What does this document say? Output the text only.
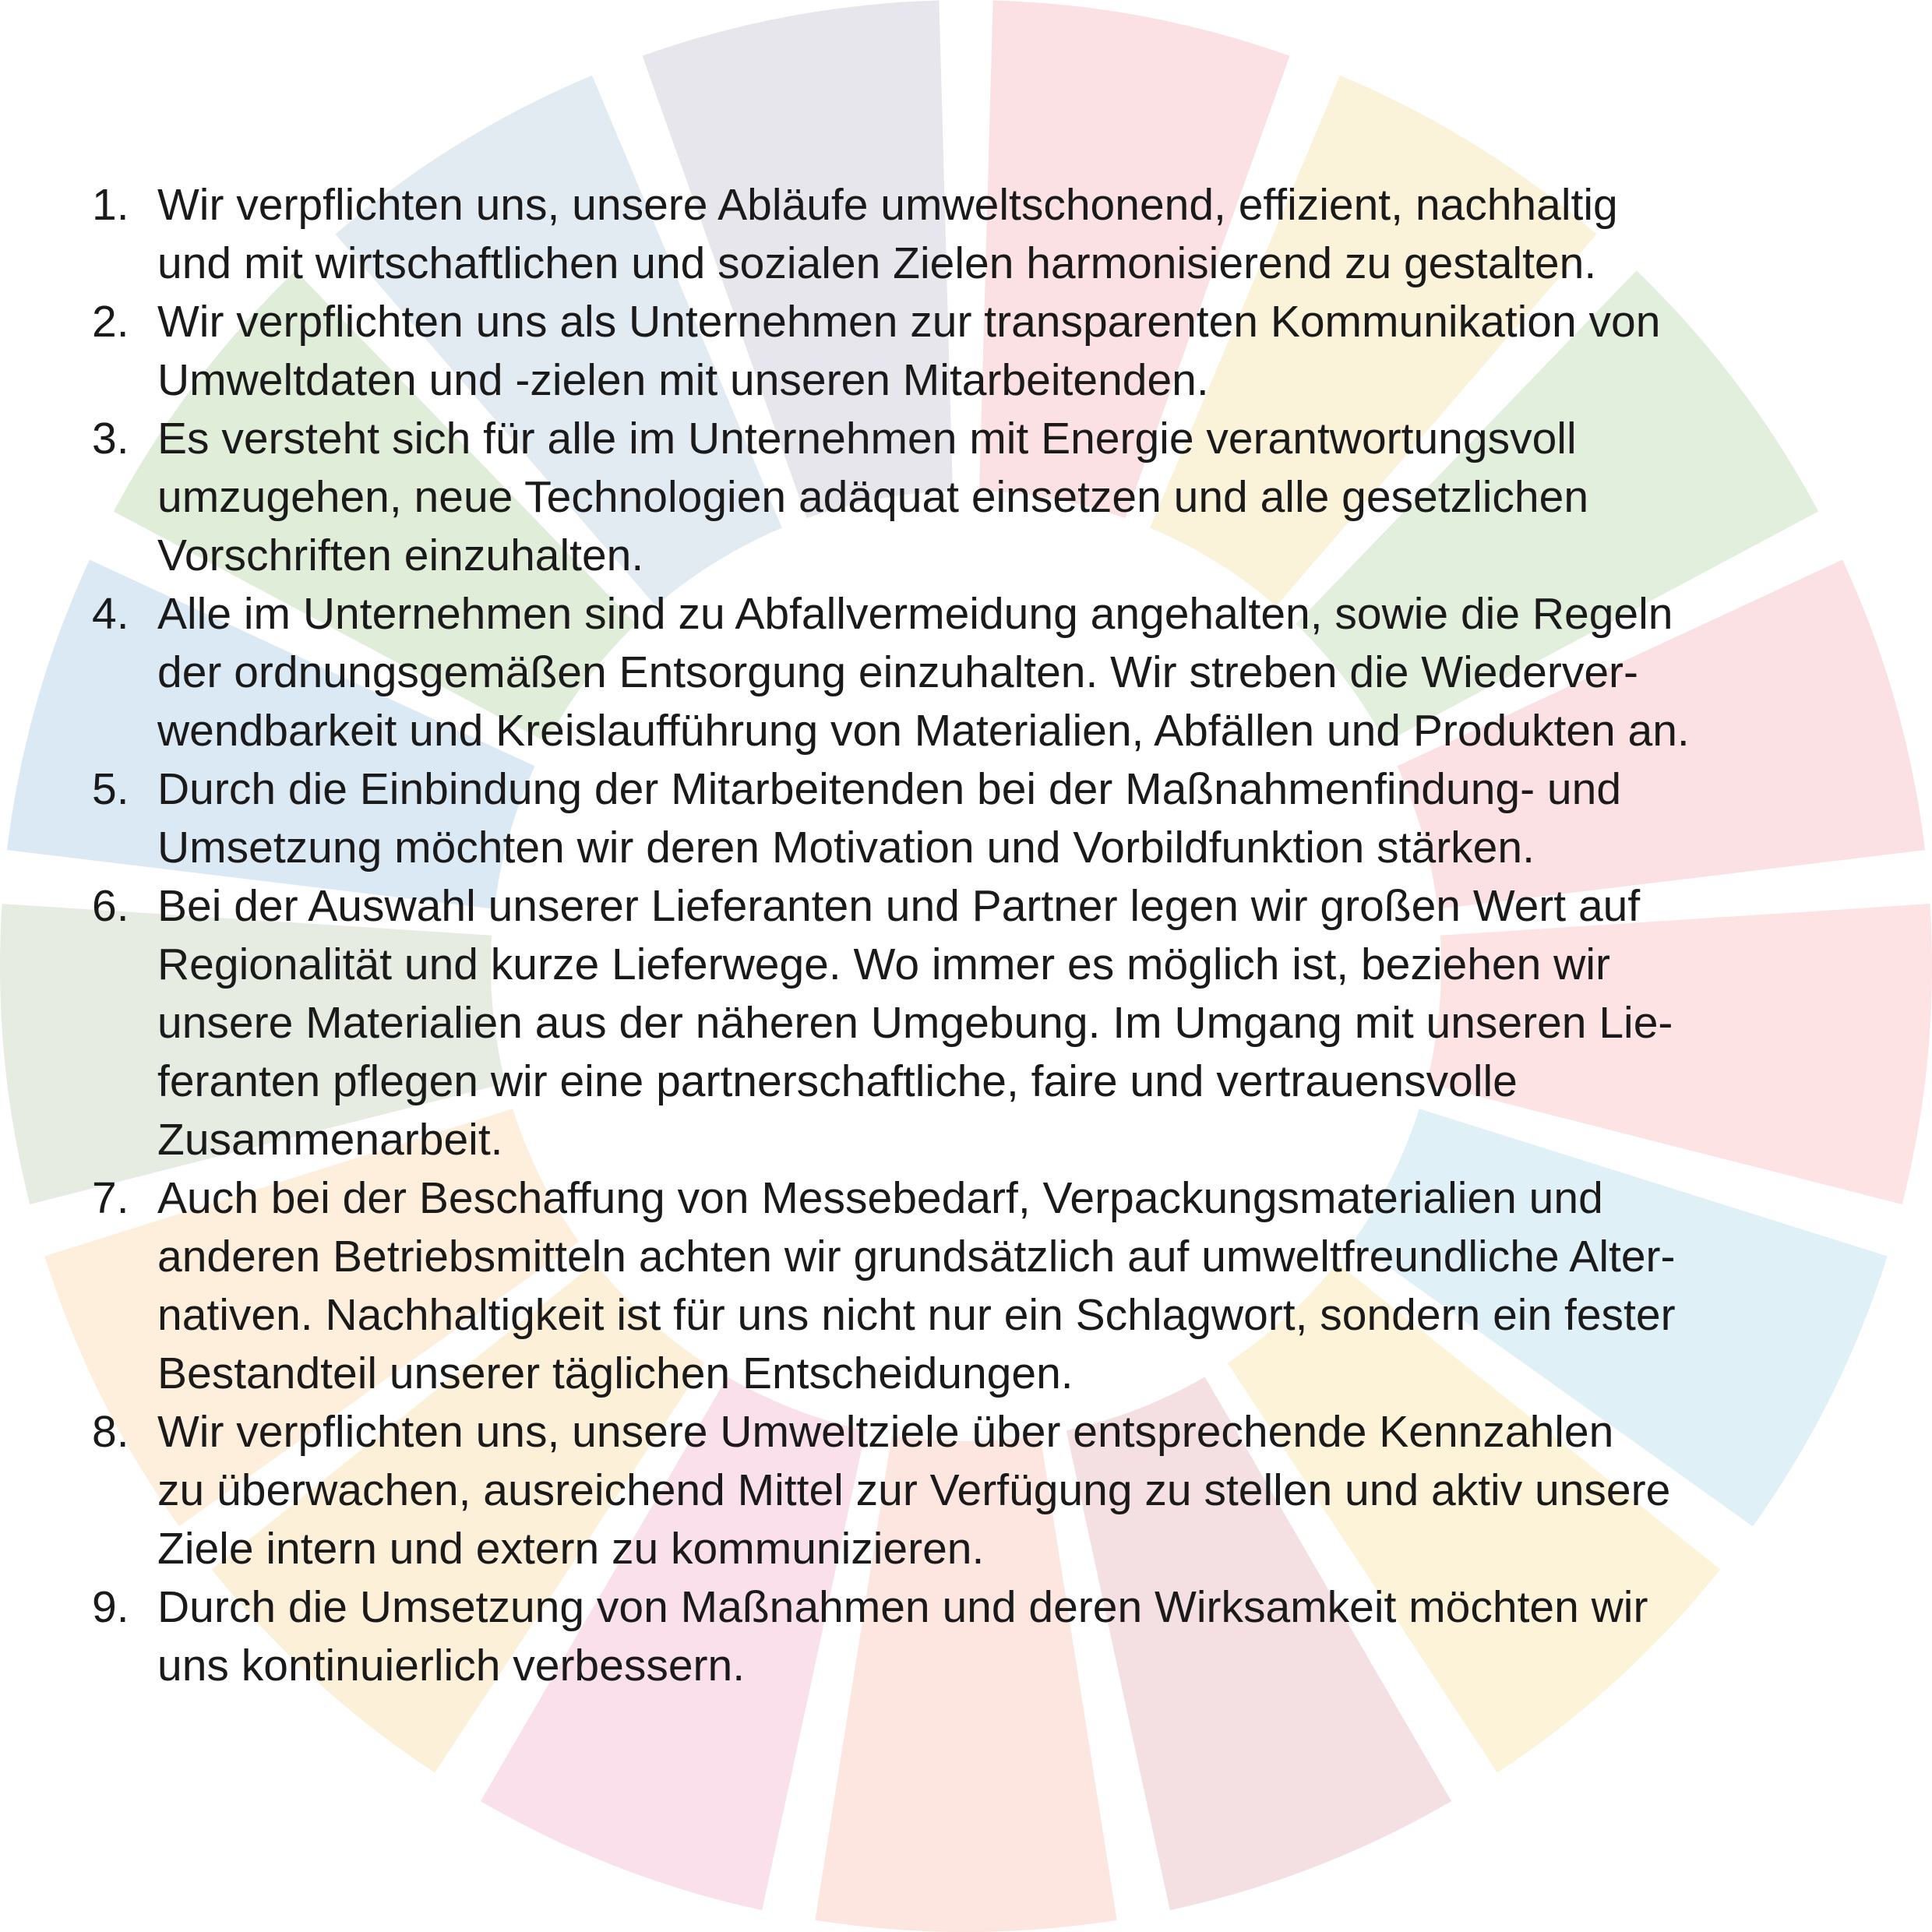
1. Wir verpflichten uns, unsere Abläufe umweltschonend, effizient, nachhaltig
und mit wirtschaftlichen und sozialen Zielen harmonisierend zu gestalten.
2. Wir verpflichten uns als Unternehmen zur transparenten Kommunikation von
Umweltdaten und -zielen mit unseren Mitarbeitenden.
3. Es versteht sich für alle im Unternehmen mit Energie verantwortungsvoll
umzugehen, neue Technologien adäquat einsetzen und alle gesetzlichen
Vorschriften einzuhalten.
4. Alle im Unternehmen sind zu Abfallvermeidung angehalten, sowie die Regeln
der ordnungsgemäßen Entsorgung einzuhalten. Wir streben die Wiederver-
wendbarkeit und Kreislaufführung von Materialien, Abfällen und Produkten an.
5. Durch die Einbindung der Mitarbeitenden bei der Maßnahmenfindung- und
Umsetzung möchten wir deren Motivation und Vorbildfunktion stärken.
6. Bei der Auswahl unserer Lieferanten und Partner legen wir großen Wert auf
Regionalität und kurze Lieferwege. Wo immer es möglich ist, beziehen wir
unsere Materialien aus der näheren Umgebung. Im Umgang mit unseren Lie-
feranten pflegen wir eine partnerschaftliche, faire und vertrauensvolle
Zusammenarbeit.
7. Auch bei der Beschaffung von Messebedarf, Verpackungsmaterialien und
anderen Betriebsmitteln achten wir grundsätzlich auf umweltfreundliche Alter-
nativen. Nachhaltigkeit ist für uns nicht nur ein Schlagwort, sondern ein fester
Bestandteil unserer täglichen Entscheidungen.
8. Wir verpflichten uns, unsere Umweltziele über entsprechende Kennzahlen
zu überwachen, ausreichend Mittel zur Verfügung zu stellen und aktiv unsere
Ziele intern und extern zu kommunizieren.
9. Durch die Umsetzung von Maßnahmen und deren Wirksamkeit möchten wir
uns kontinuierlich verbessern.
